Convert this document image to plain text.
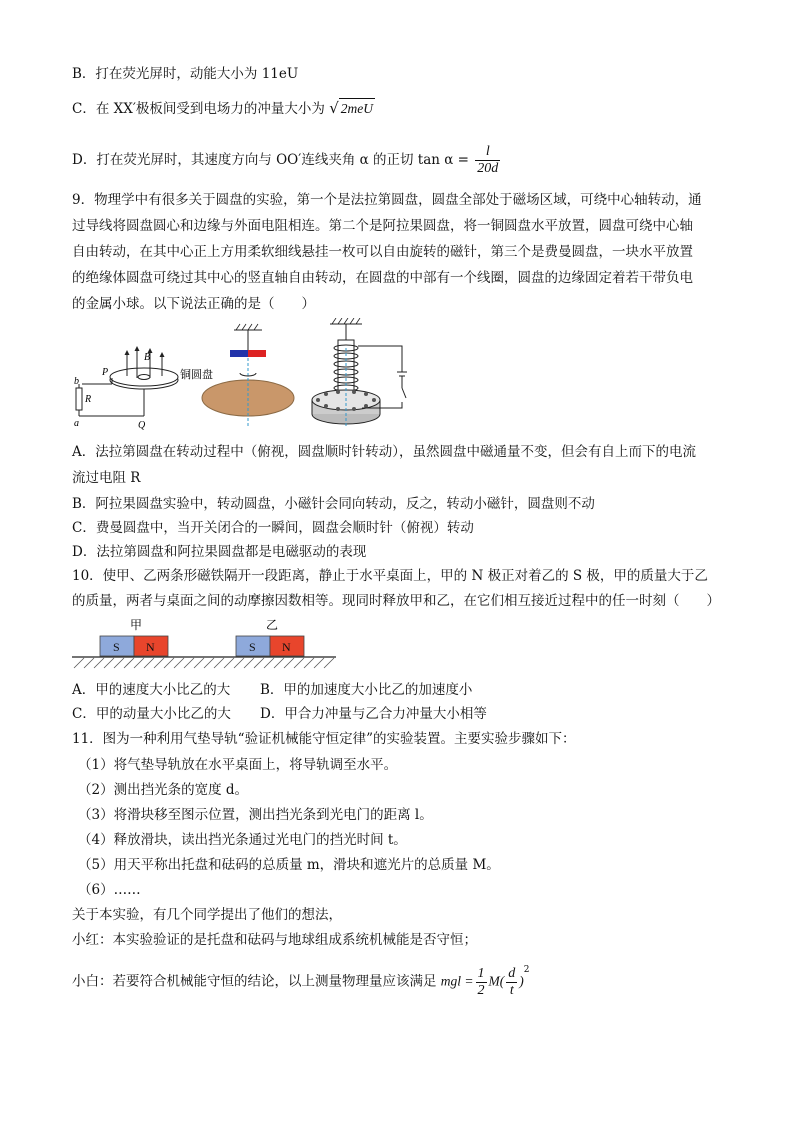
B．打在荧光屏时，动能大小为 11eU
C．在 XX′极板间受到电场力的冲量大小为 √ 2meU
D．打在荧光屏时，其速度方向与 OO′连线夹角 α 的正切 $\tan \alpha = \frac{l}{20d}$
9．物理学中有很多关于圆盘的实验，第一个是法拉第圆盘，圆盘全部处于磁场区域，可绕中心轴转动，通
过导线将圆盘圆心和边缘与外面电阻相连。第二个是阿拉果圆盘，将一铜圆盘水平放置，圆盘可绕中心轴
自由转动，在其中心正上方用柔软细线悬挂一枚可以自由旋转的磁针，第三个是费曼圆盘，一块水平放置
的绝缘体圆盘可绕过其中心的竖直轴自由转动，在圆盘的中部有一个线圈，圆盘的边缘固定着若干带负电
的金属小球。以下说法正确的是（　　）
B
P
Q
R
a
b
铜圆盘
A．法拉第圆盘在转动过程中（俯视，圆盘顺时针转动），虽然圆盘中磁通量不变，但会有自上而下的电流
流过电阻 R
B．阿拉果圆盘实验中，转动圆盘，小磁针会同向转动，反之，转动小磁针，圆盘则不动
C．费曼圆盘中，当开关闭合的一瞬间，圆盘会顺时针（俯视）转动
D．法拉第圆盘和阿拉果圆盘都是电磁驱动的表现
10．使甲、乙两条形磁铁隔开一段距离，静止于水平桌面上，甲的 N 极正对着乙的 S 极，甲的质量大于乙
的质量，两者与桌面之间的动摩擦因数相等。现同时释放甲和乙，在它们相互接近过程中的任一时刻（　　）
甲	乙
S N	S N
A．甲的速度大小比乙的大 B．甲的加速度大小比乙的加速度小
C．甲的动量大小比乙的大 D．甲合力冲量与乙合力冲量大小相等
11．图为一种利用气垫导轨“验证机械能守恒定律”的实验装置。主要实验步骤如下：
（1）将气垫导轨放在水平桌面上，将导轨调至水平。
（2）测出挡光条的宽度 d。
（3）将滑块移至图示位置，测出挡光条到光电门的距离 l。
（4）释放滑块，读出挡光条通过光电门的挡光时间 t。
（5）用天平称出托盘和砝码的总质量 m，滑块和遮光片的总质量 M。
（6）……
关于本实验，有几个同学提出了他们的想法，
小红：本实验验证的是托盘和砝码与地球组成系统机械能是否守恒；
小白：若要符合机械能守恒的结论，以上测量物理量应该满足 mgl = $\frac{1}{2} M( \frac{d}{t} )^2$
